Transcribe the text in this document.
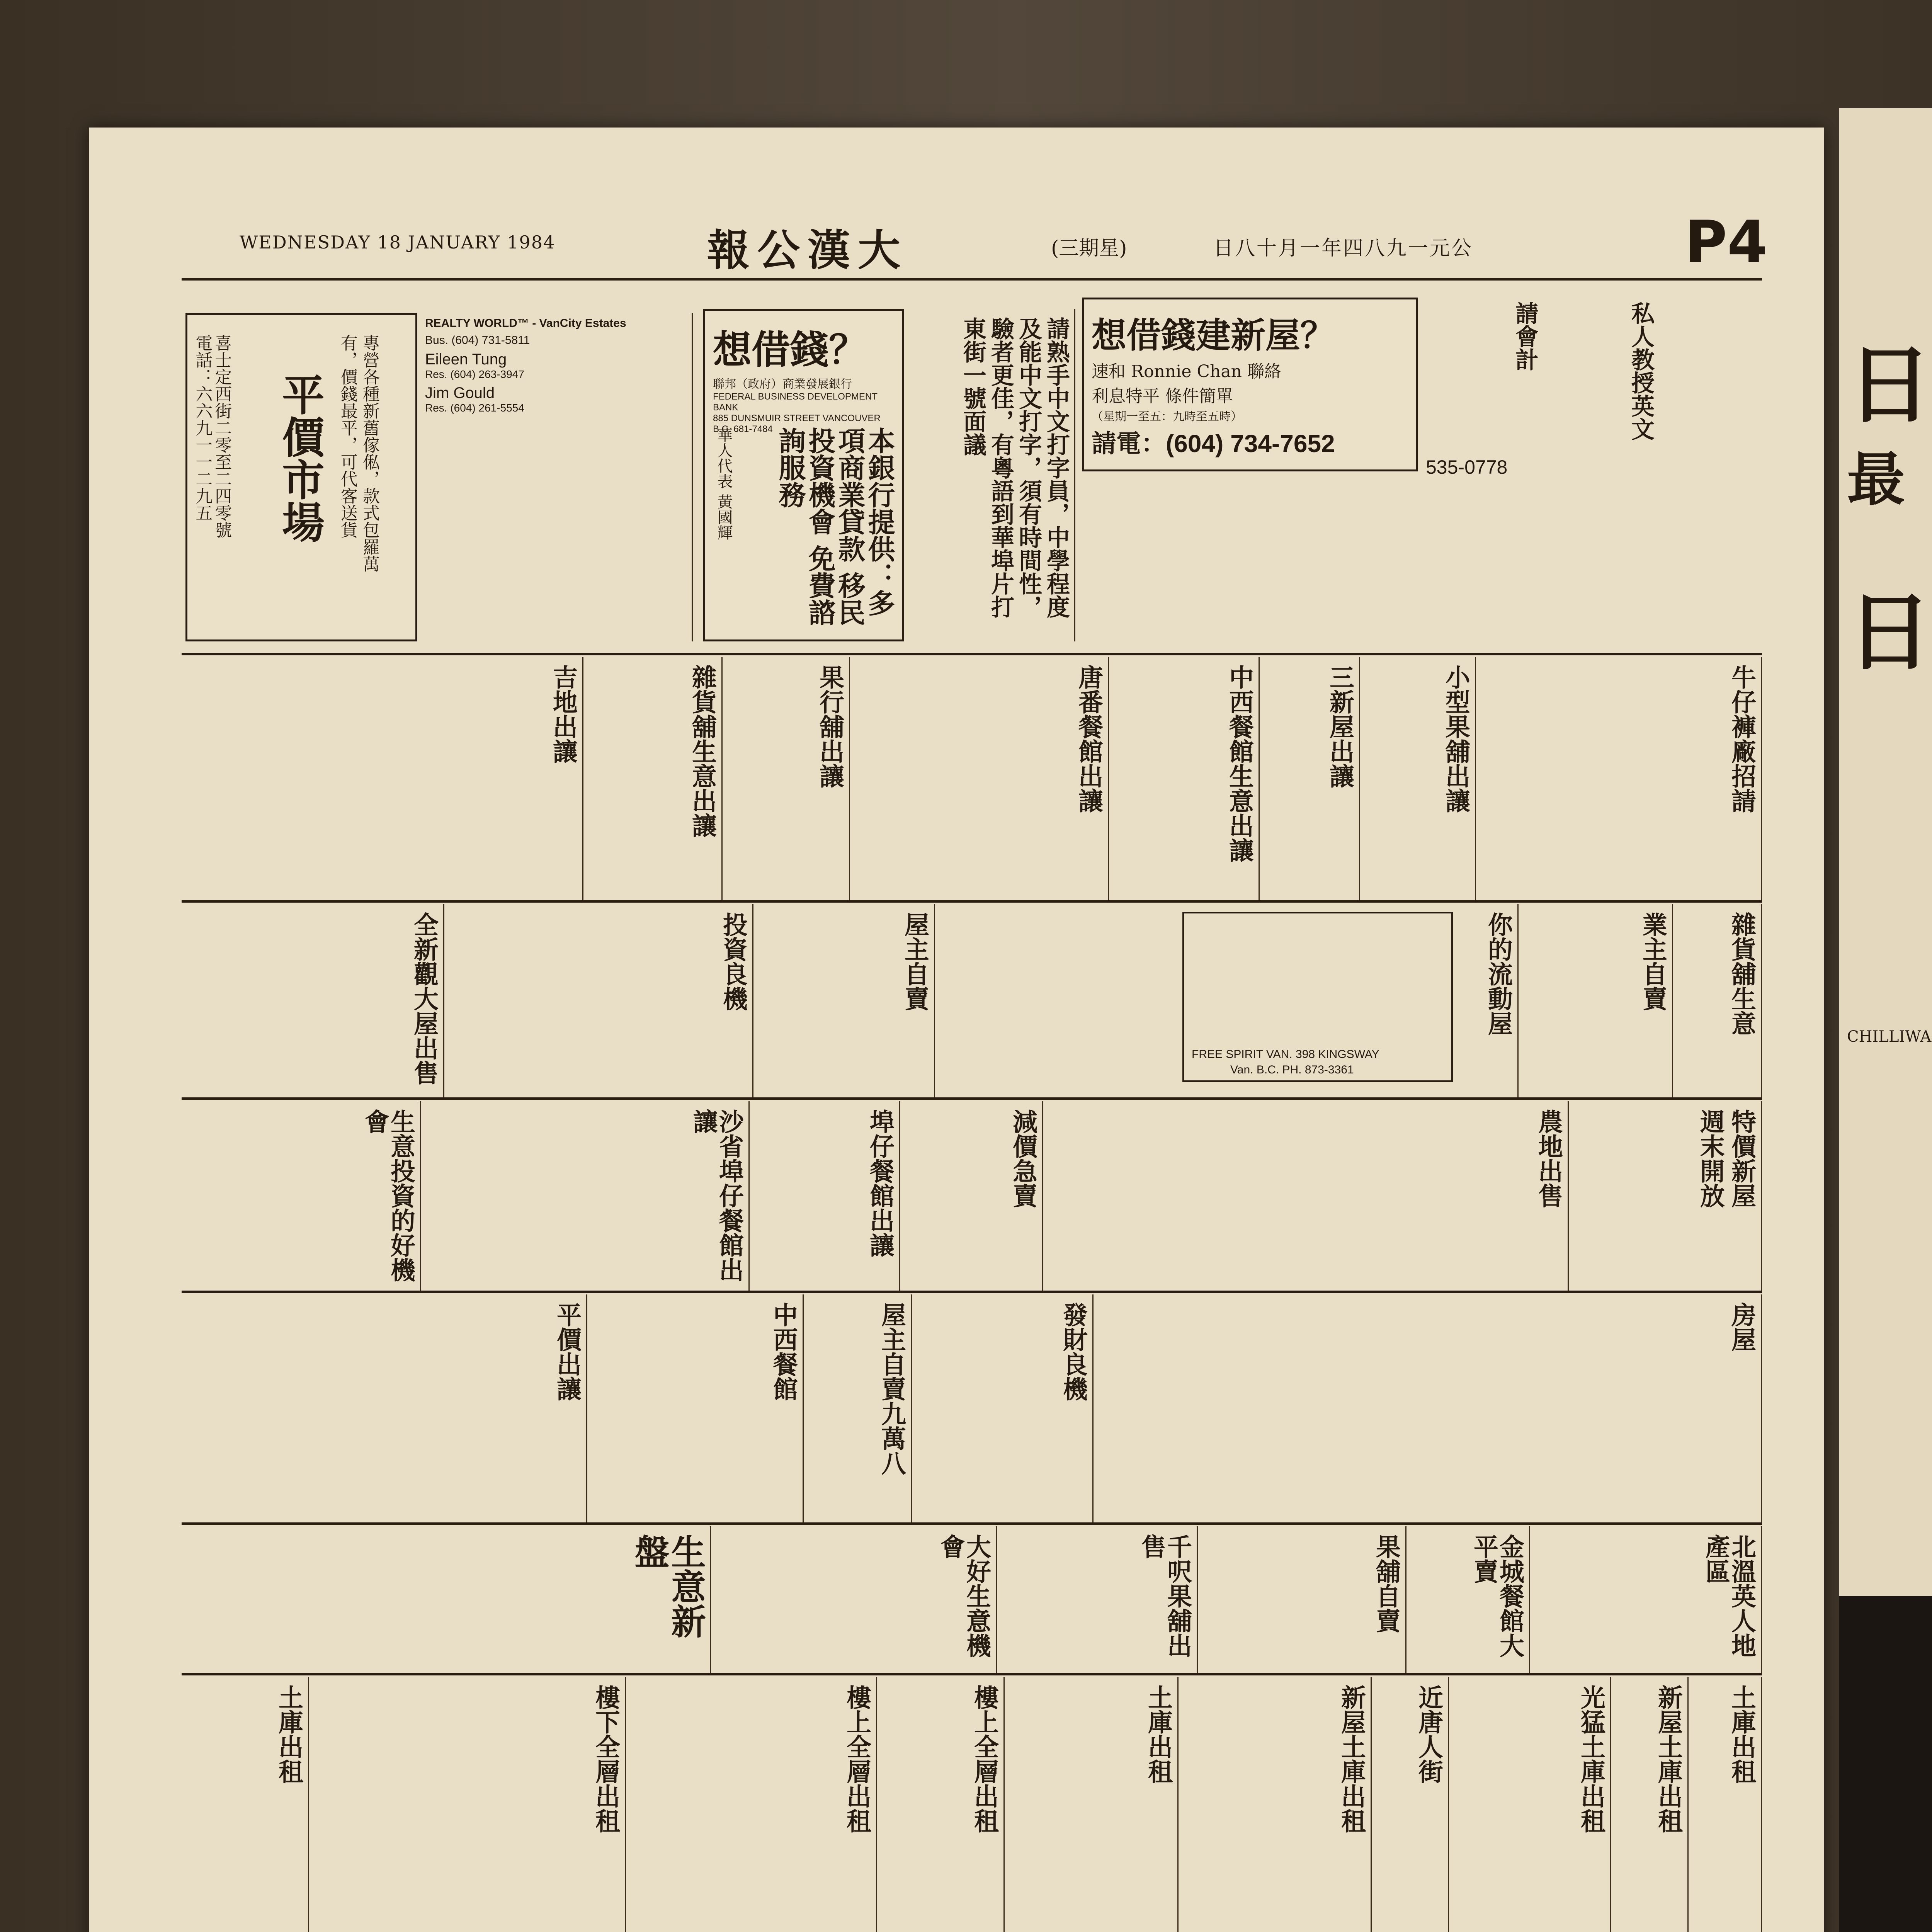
日
最
日
CHILLIWA
WEDNESDAY 18 JANUARY 1984	報公漢大	(三期星)	日八十月一年四八九一元公	P4
平價市場	專營各種新舊傢俬，款式包羅萬有，價錢最平，可代客送貨
喜士定西街二零至二四零號
電話：六六九一一二九五
REALTY WORLD™ - VanCity Estates
Bus. (604) 731-5811
Eileen Tung
Res. (604) 263-3947
Jim Gould
Res. (604) 261-5554
想借錢？
聯邦（政府）商業發展銀行
FEDERAL BUSINESS DEVELOPMENT BANK
885 DUNSMUIR STREET VANCOUVER B.C. 681-7484	本銀行提供：多項商業貸款 移民投資機會 免費諮詢服務
華人代表 黃國輝	請熟手中文打字員，中學程度及能中文打字，須有時間性，驗者更佳，有粵語到華埠片打東街一號面議	想借錢建新屋？
速和 Ronnie Chan 聯絡
利息特平 條件簡單
（星期一至五：九時至五時）
請電：(604) 734-7652
私人教授英文
請會計
535-0778
牛仔褲廠招請
小型果舖出讓
三新屋出讓
中西餐館生意出讓
唐番餐館出讓
果行舖出讓
雜貨舖生意出讓
吉地出讓
雜貨舖生意
業主自賣
你的流動屋
FREE SPIRIT VAN. 398 KINGSWAY
Van. B.C. PH. 873-3361
屋主自賣
投資良機
全新觀大屋出售
特價新屋
週末開放
農地出售
減價急賣
埠仔餐館出讓
沙省埠仔餐館出讓
生意投資的好機會
房屋
屋主自賣九萬八
中西餐館	發財良機
平價出讓
北溫英人地產區
金城餐館大平賣
果舖自賣
千呎果舖出售
大好生意機會
生意新盤
土庫出租
新屋土庫出租
光猛土庫出租
近唐人街
新屋土庫出租
土庫出租
樓上全層出租
樓上全層出租
樓下全層出租
土庫出租
